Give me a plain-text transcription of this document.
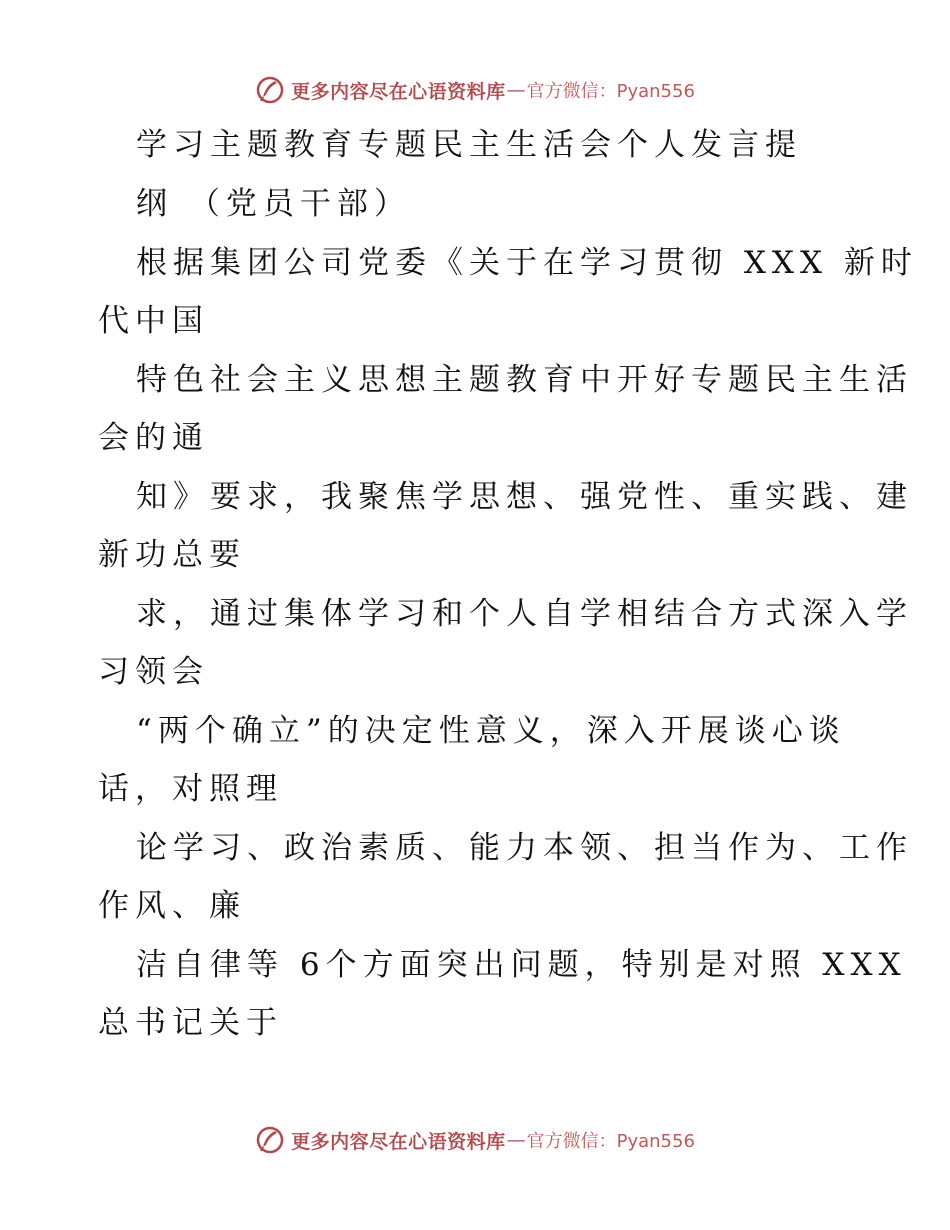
更多内容尽在心语资料库 — 官方微信：Pyan556
学习主题教育专题民主生活会个人发言提
纲 （党员干部）
根据集团公司党委《关于在学习贯彻 XXX 新时
代中国
特色社会主义思想主题教育中开好专题民主生活
会的通
知》要求，我聚焦学思想、强党性、重实践、建
新功总要
求，通过集体学习和个人自学相结合方式深入学
习领会
“两个确立”的决定性意义，深入开展谈心谈
话，对照理
论学习、政治素质、能力本领、担当作为、工作
作风、廉
洁自律等 6个方面突出问题，特别是对照 XXX
总书记关于
更多内容尽在心语资料库 — 官方微信：Pyan556
